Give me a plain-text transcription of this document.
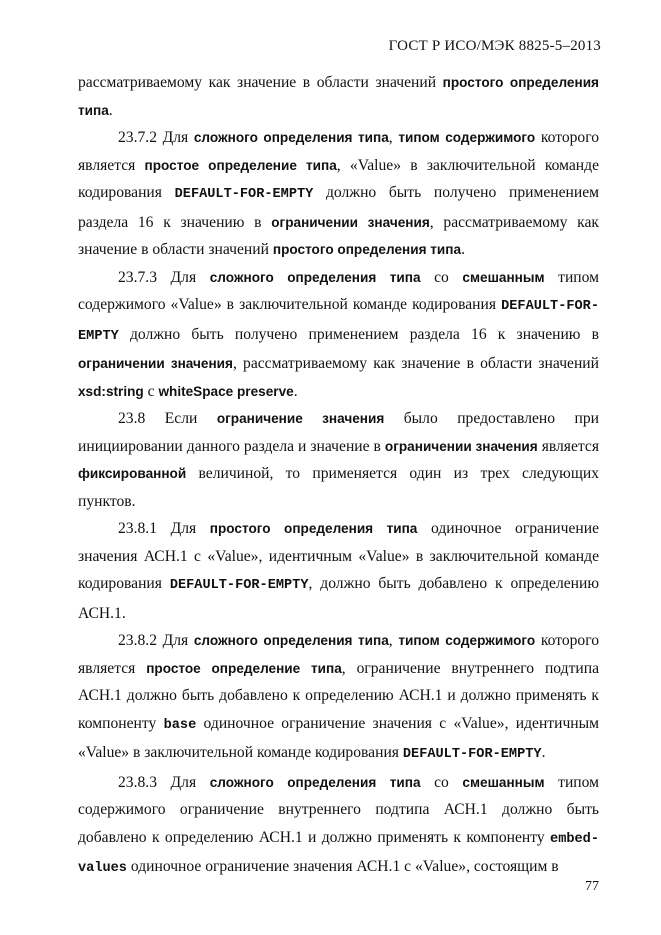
ГОСТ Р ИСО/МЭК 8825-5–2013

рассматриваемому как значение в области значений простого определения типа.

23.7.2 Для сложного определения типа, типом содержимого которого является простое определение типа, «Value» в заключительной команде кодирования DEFAULT-FOR-EMPTY должно быть получено применением раздела 16 к значению в ограничении значения, рассматриваемому как значение в области значений простого определения типа.

23.7.3 Для сложного определения типа со смешанным типом содержимого «Value» в заключительной команде кодирования DEFAULT-FOR-EMPTY должно быть получено применением раздела 16 к значению в ограничении значения, рассматриваемому как значение в области значений xsd:string с whiteSpace preserve.

23.8 Если ограничение значения было предоставлено при инициировании данного раздела и значение в ограничении значения является фиксированной величиной, то применяется один из трех следующих пунктов.

23.8.1 Для простого определения типа одиночное ограничение значения АСН.1 с «Value», идентичным «Value» в заключительной команде кодирования DEFAULT-FOR-EMPTY, должно быть добавлено к определению АСН.1.

23.8.2 Для сложного определения типа, типом содержимого которого является простое определение типа, ограничение внутреннего подтипа АСН.1 должно быть добавлено к определению АСН.1 и должно применять к компоненту base одиночное ограничение значения с «Value», идентичным «Value» в заключительной команде кодирования DEFAULT-FOR-EMPTY.

23.8.3 Для сложного определения типа со смешанным типом содержимого ограничение внутреннего подтипа АСН.1 должно быть добавлено к определению АСН.1 и должно применять к компоненту embed-values одиночное ограничение значения АСН.1 с «Value», состоящим в

77
